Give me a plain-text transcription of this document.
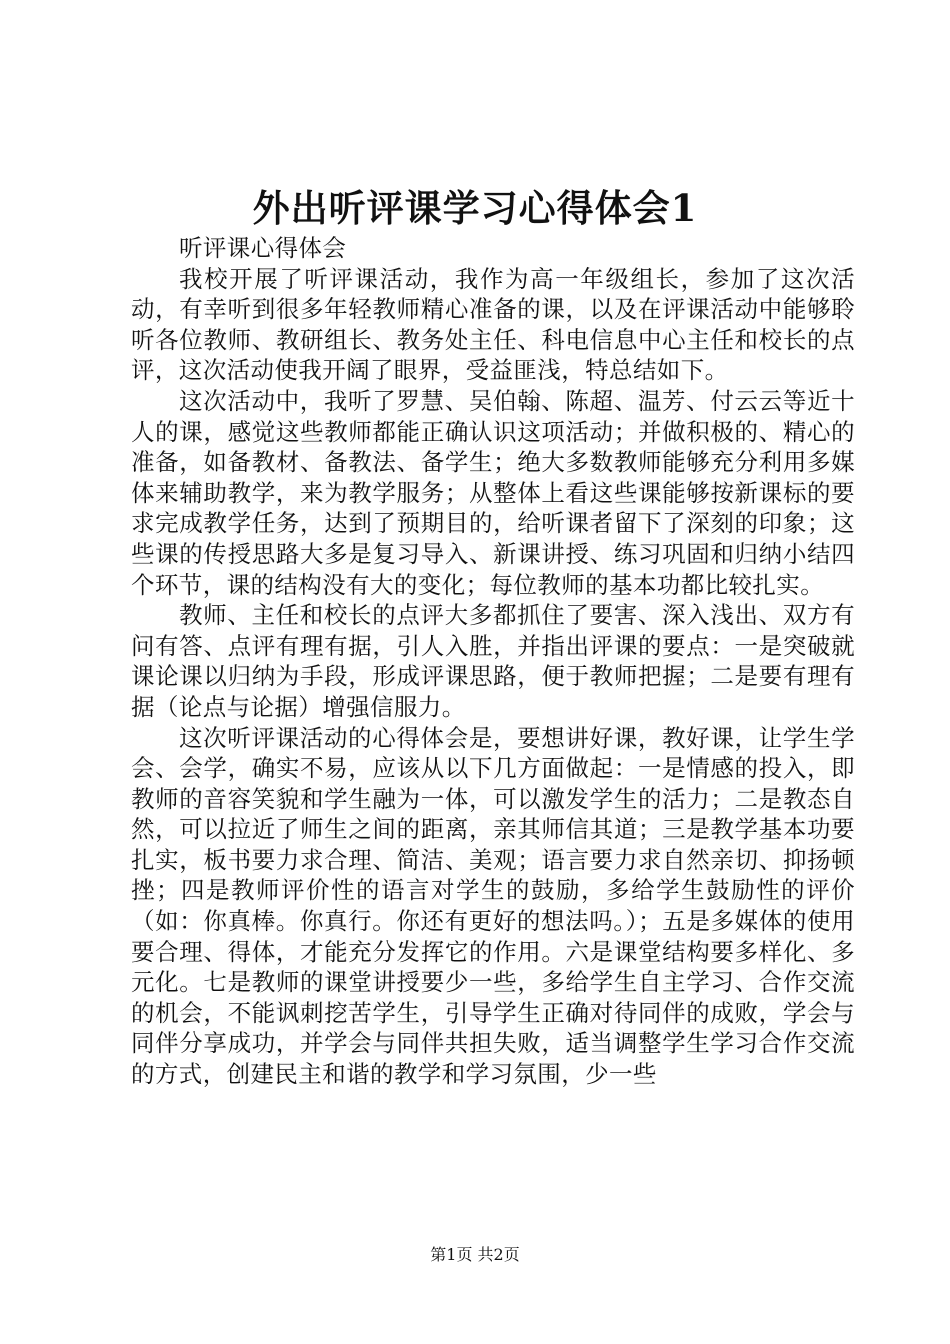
外出听评课学习心得体会1

听评课心得体会

我校开展了听评课活动，我作为高一年级组长，参加了这次活动，有幸听到很多年轻教师精心准备的课，以及在评课活动中能够聆听各位教师、教研组长、教务处主任、科电信息中心主任和校长的点评，这次活动使我开阔了眼界，受益匪浅，特总结如下。

这次活动中，我听了罗慧、吴伯翰、陈超、温芳、付云云等近十人的课，感觉这些教师都能正确认识这项活动；并做积极的、精心的准备，如备教材、备教法、备学生；绝大多数教师能够充分利用多媒体来辅助教学，来为教学服务；从整体上看这些课能够按新课标的要求完成教学任务，达到了预期目的，给听课者留下了深刻的印象；这些课的传授思路大多是复习导入、新课讲授、练习巩固和归纳小结四个环节，课的结构没有大的变化；每位教师的基本功都比较扎实。

教师、主任和校长的点评大多都抓住了要害、深入浅出、双方有问有答、点评有理有据，引人入胜，并指出评课的要点：一是突破就课论课以归纳为手段，形成评课思路，便于教师把握；二是要有理有据（论点与论据）增强信服力。

这次听评课活动的心得体会是，要想讲好课，教好课，让学生学会、会学，确实不易，应该从以下几方面做起：一是情感的投入，即教师的音容笑貌和学生融为一体，可以激发学生的活力；二是教态自然，可以拉近了师生之间的距离，亲其师信其道；三是教学基本功要扎实，板书要力求合理、简洁、美观；语言要力求自然亲切、抑扬顿挫；四是教师评价性的语言对学生的鼓励，多给学生鼓励性的评价（如：你真棒。你真行。你还有更好的想法吗。）；五是多媒体的使用要合理、得体，才能充分发挥它的作用。六是课堂结构要多样化、多元化。七是教师的课堂讲授要少一些，多给学生自主学习、合作交流的机会，不能讽刺挖苦学生，引导学生正确对待同伴的成败，学会与同伴分享成功，并学会与同伴共担失败，适当调整学生学习合作交流的方式，创建民主和谐的教学和学习氛围，少一些

第1页 共2页
